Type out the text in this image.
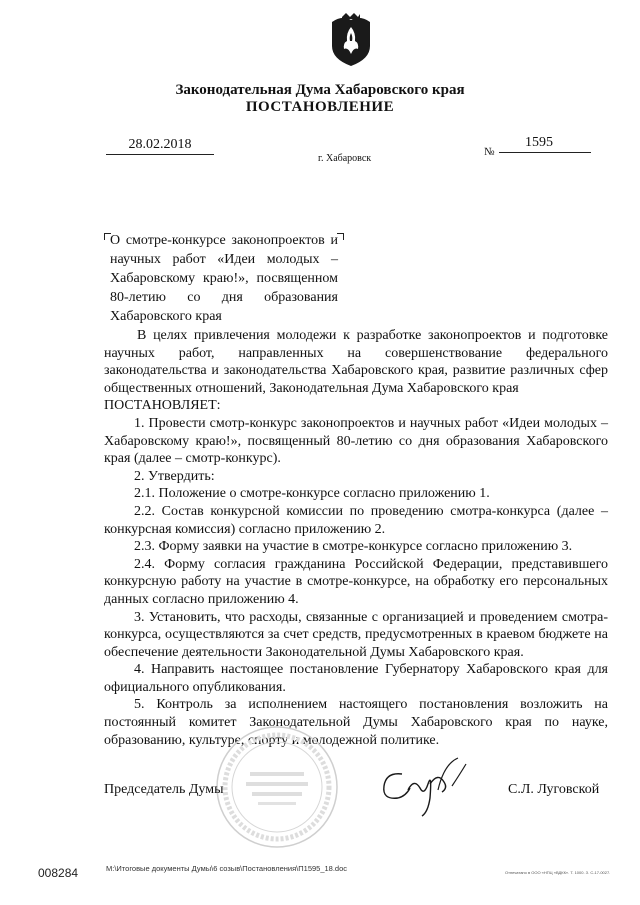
Законодательная Дума Хабаровского края
ПОСТАНОВЛЕНИЕ
28.02.2018
г. Хабаровск
№
1595
О смотре-конкурсе законопроектов и научных работ «Идеи молодых – Хабаровскому краю!», посвященном 80-летию со дня образования Хабаровского края

В целях привлечения молодежи к разработке законопроектов и подготовке научных работ, направленных на совершенствование федерального законодательства и законодательства Хабаровского края, развитие различных сфер общественных отношений, Законодательная Дума Хабаровского края

ПОСТАНОВЛЯЕТ:

1. Провести смотр-конкурс законопроектов и научных работ «Идеи молодых – Хабаровскому краю!», посвященный 80-летию со дня образования Хабаровского края (далее – смотр-конкурс).

2. Утвердить:

2.1. Положение о смотре-конкурсе согласно приложению 1.

2.2. Состав конкурсной комиссии по проведению смотра-конкурса (далее – конкурсная комиссия) согласно приложению 2.

2.3. Форму заявки на участие в смотре-конкурсе согласно приложению 3.

2.4. Форму согласия гражданина Российской Федерации, представившего конкурсную работу на участие в смотре-конкурсе, на обработку его персональных данных согласно приложению 4.

3. Установить, что расходы, связанные с организацией и проведением смотра-конкурса, осуществляются за счет средств, предусмотренных в краевом бюджете на обеспечение деятельности Законодательной Думы Хабаровского края.

4. Направить настоящее постановление Губернатору Хабаровского края для официального опубликования.

5. Контроль за исполнением настоящего постановления возложить на постоянный комитет Законодательной Думы Хабаровского края по науке, образованию, культуре, спорту и молодежной политике.

Председатель Думы	С.Л. Луговской
008284	M:\Итоговые документы Думы\6 созыв\Постановления\П1595_18.doc	Отпечатано в ООО «НПЦ «ВДКК». Т. 1000. З. С-17-0027.
